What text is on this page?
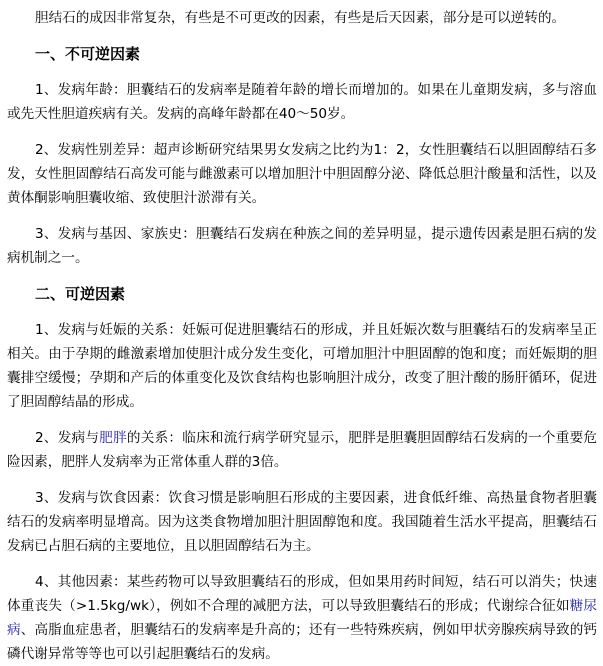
胆结石的成因非常复杂，有些是不可更改的因素，有些是后天因素，部分是可以逆转的。

一、不可逆因素

1、发病年龄：胆囊结石的发病率是随着年龄的增长而增加的。如果在儿童期发病，多与溶血或先天性胆道疾病有关。发病的高峰年龄都在40～50岁。

2、发病性别差异：超声诊断研究结果男女发病之比约为1：2，女性胆囊结石以胆固醇结石多发，女性胆固醇结石高发可能与雌激素可以增加胆汁中胆固醇分泌、降低总胆汁酸量和活性，以及黄体酮影响胆囊收缩、致使胆汁淤滞有关。

3、发病与基因、家族史：胆囊结石发病在种族之间的差异明显，提示遗传因素是胆石病的发病机制之一。

二、可逆因素

1、发病与妊娠的关系：妊娠可促进胆囊结石的形成，并且妊娠次数与胆囊结石的发病率呈正相关。由于孕期的雌激素增加使胆汁成分发生变化，可增加胆汁中胆固醇的饱和度；而妊娠期的胆囊排空缓慢；孕期和产后的体重变化及饮食结构也影响胆汁成分，改变了胆汁酸的肠肝循环，促进了胆固醇结晶的形成。

2、发病与肥胖的关系：临床和流行病学研究显示，肥胖是胆囊胆固醇结石发病的一个重要危险因素，肥胖人发病率为正常体重人群的3倍。

3、发病与饮食因素：饮食习惯是影响胆石形成的主要因素，进食低纤维、高热量食物者胆囊结石的发病率明显增高。因为这类食物增加胆汁胆固醇饱和度。我国随着生活水平提高，胆囊结石发病已占胆石病的主要地位，且以胆固醇结石为主。

4、其他因素：某些药物可以导致胆囊结石的形成，但如果用药时间短，结石可以消失；快速体重丧失（>1.5kg/wk），例如不合理的减肥方法，可以导致胆囊结石的形成；代谢综合征如糖尿病、高脂血症患者，胆囊结石的发病率是升高的；还有一些特殊疾病，例如甲状旁腺疾病导致的钙磷代谢异常等等也可以引起胆囊结石的发病。
